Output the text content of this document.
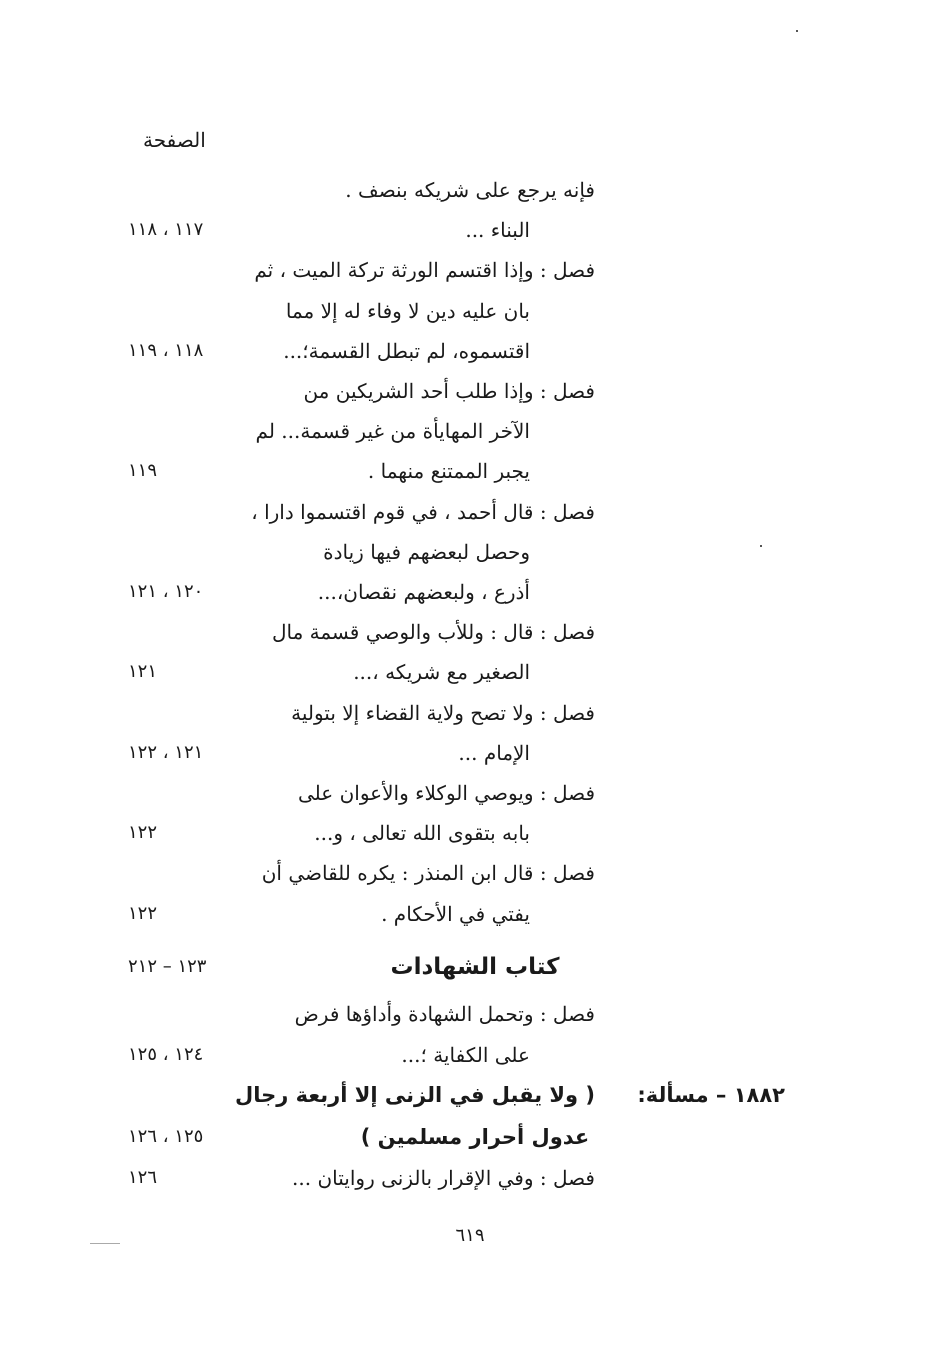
الصفحة
فإنه يرجع على شريكه بنصف .
البناء ...
١١٧ ، ١١٨
فصل : وإذا اقتسم الورثة تركة الميت ، ثم
بان عليه دين لا وفاء له إلا مما
اقتسموه، لم تبطل القسمة؛...
١١٨ ، ١١٩
فصل : وإذا طلب أحد الشريكين من
الآخر المهايأة من غير قسمة... لم
يجبر الممتنع منهما .
١١٩
فصل : قال أحمد ، في قوم اقتسموا دارا ،
وحصل لبعضهم فيها زيادة
أذرع ، ولبعضهم نقصان،...
١٢٠ ، ١٢١
فصل : قال : وللأب والوصي قسمة مال
الصغير مع شريكه ،...
١٢١
فصل : ولا تصح ولاية القضاء إلا بتولية
الإمام ...
١٢١ ، ١٢٢
فصل : ويوصي الوكلاء والأعوان على
بابه بتقوى الله تعالى ، و...
١٢٢
فصل : قال ابن المنذر : يكره للقاضي أن
يفتي في الأحكام .
١٢٢
كتاب الشهادات
١٢٣ – ٢١٢
فصل : وتحمل الشهادة وأداؤها فرض
على الكفاية ؛...
١٢٤ ، ١٢٥
١٨٨٢ – مسألة:
( ولا يقبل في الزنى إلا أربعة رجال
عدول أحرار مسلمين )
١٢٥ ، ١٢٦
فصل : وفي الإقرار بالزنى روايتان ...
١٢٦
٦١٩
